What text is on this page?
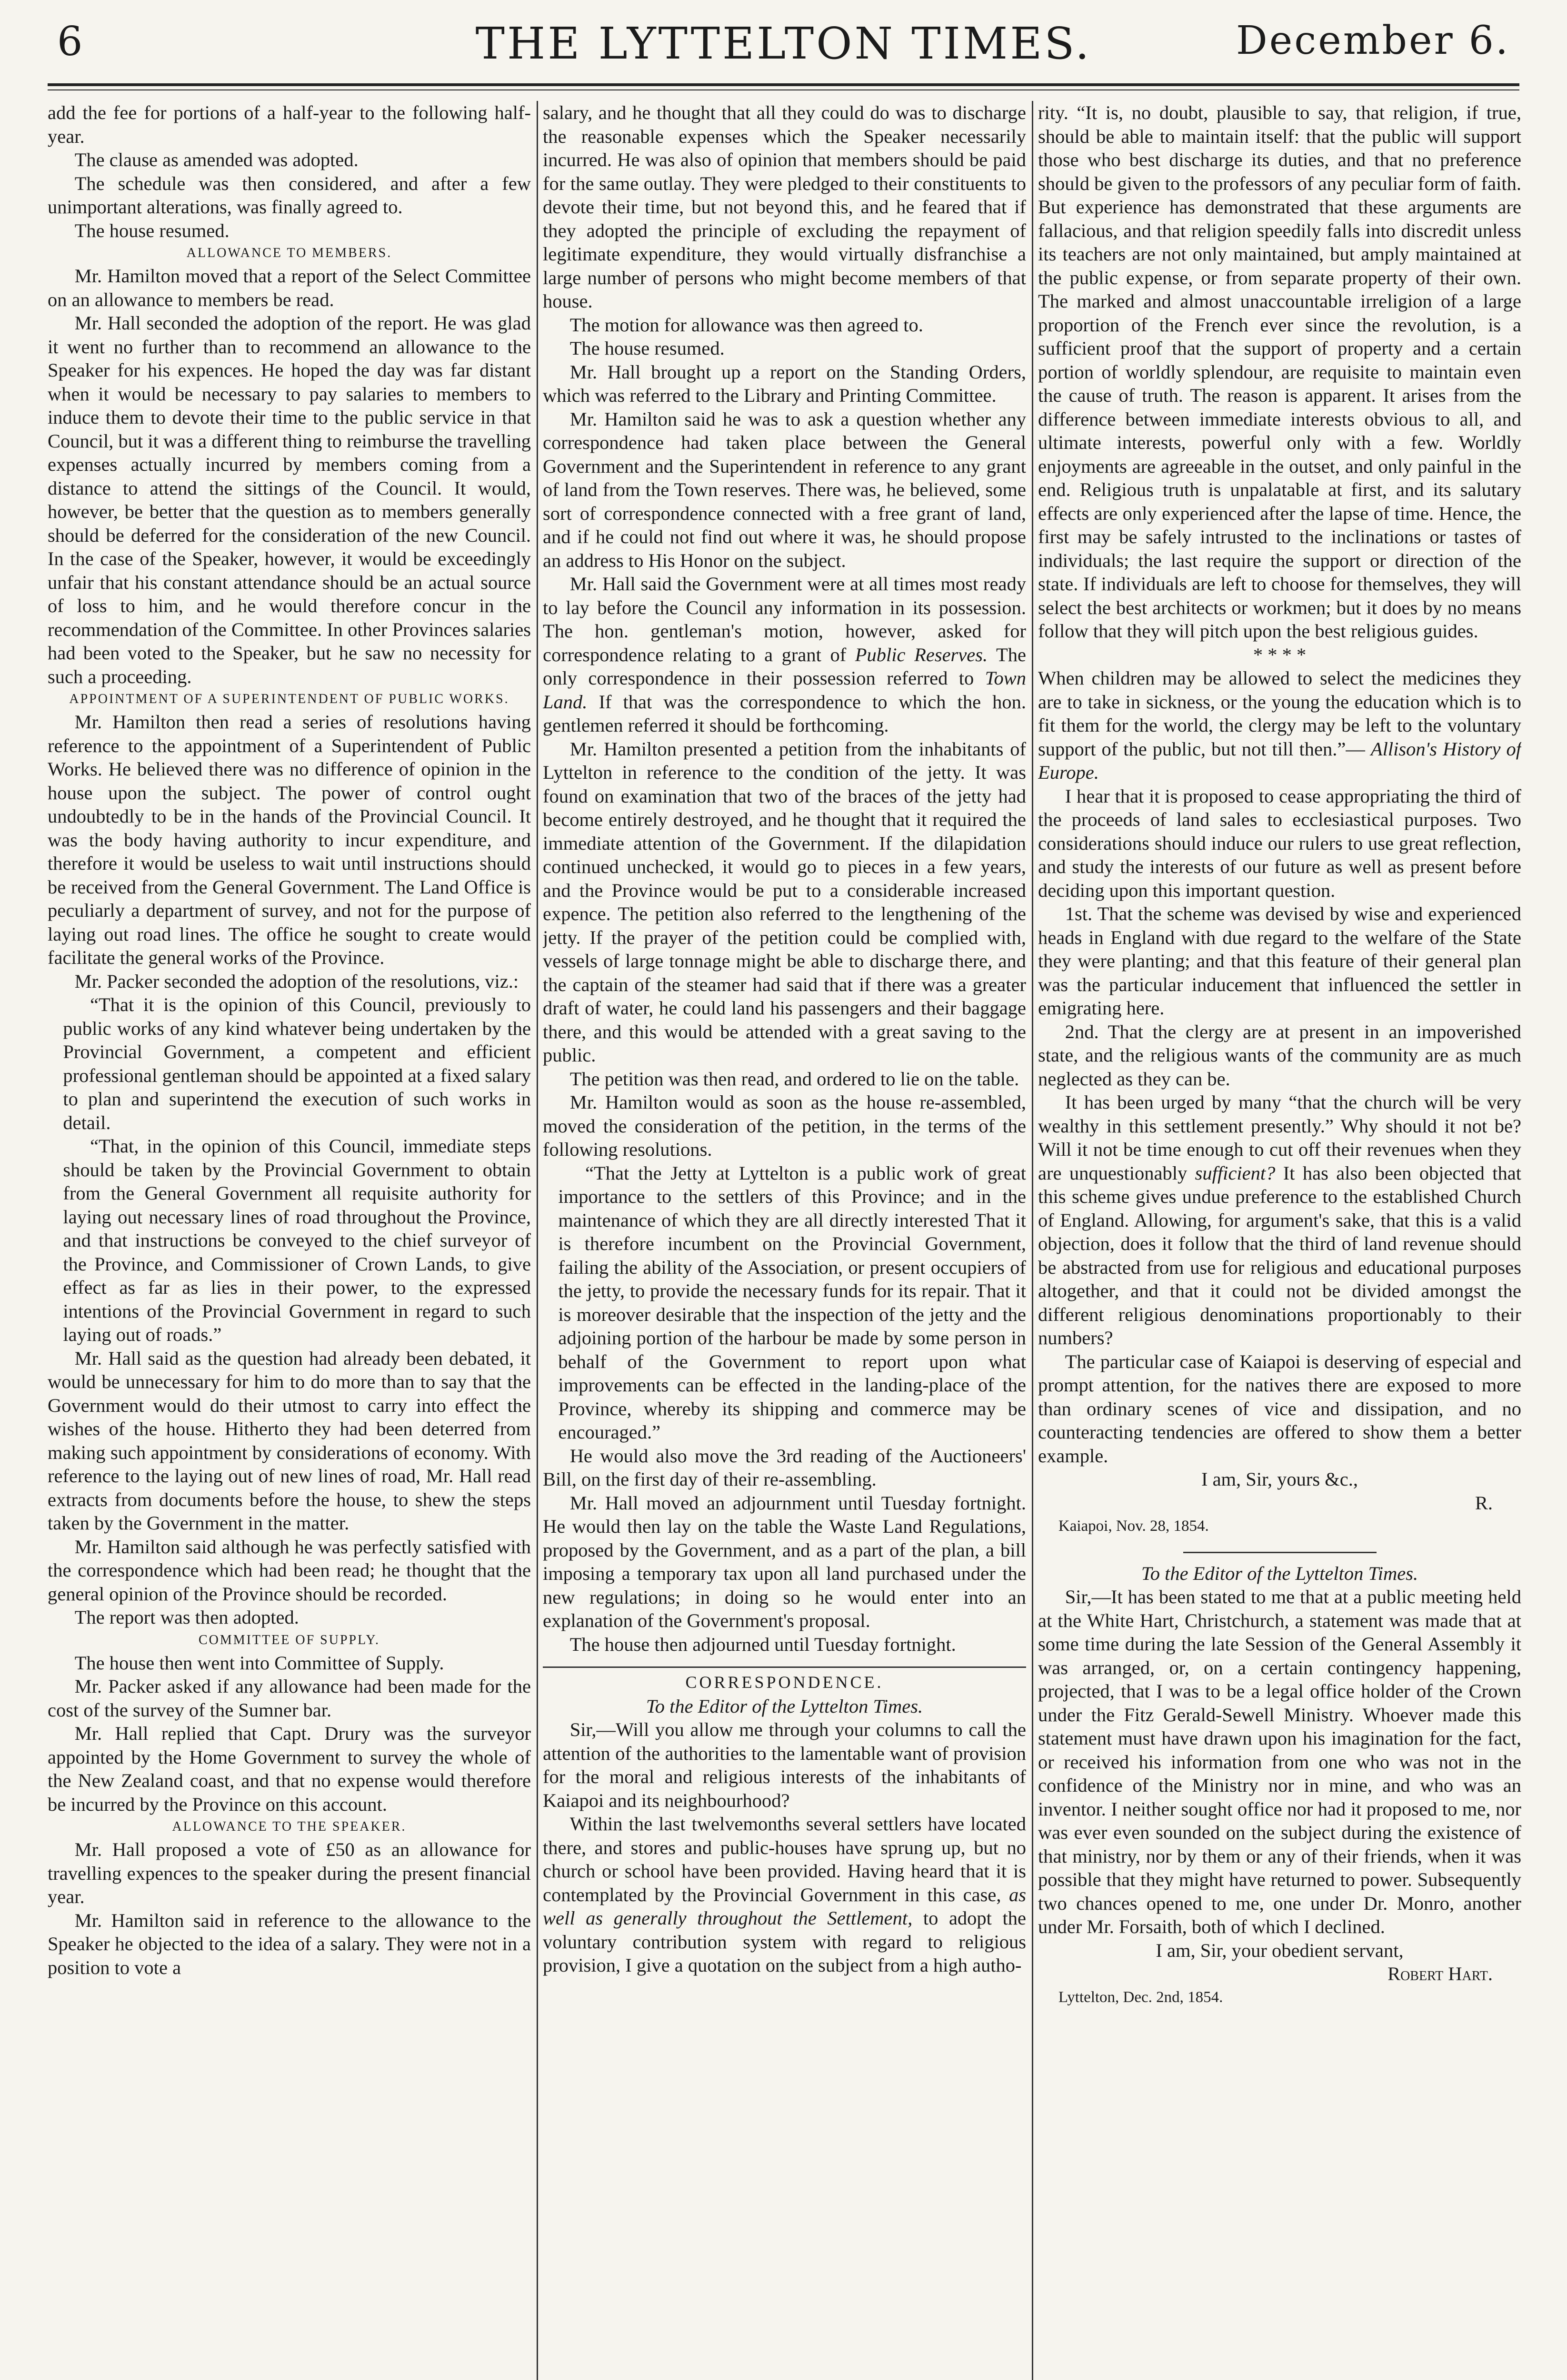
6	THE LYTTELTON TIMES.	December 6.

add the fee for portions of a half-year to the following half-year.

The clause as amended was adopted.

The schedule was then considered, and after a few unimportant alterations, was finally agreed to.

The house resumed.

ALLOWANCE TO MEMBERS.

Mr. Hamilton moved that a report of the Select Committee on an allowance to members be read.

Mr. Hall seconded the adoption of the report. He was glad it went no further than to recommend an allowance to the Speaker for his expences. He hoped the day was far distant when it would be necessary to pay salaries to members to induce them to devote their time to the public service in that Council, but it was a different thing to reimburse the travelling expenses actually incurred by members coming from a distance to attend the sittings of the Council. It would, however, be better that the question as to members generally should be deferred for the consideration of the new Council. In the case of the Speaker, however, it would be exceedingly unfair that his constant attendance should be an actual source of loss to him, and he would therefore concur in the recommendation of the Committee. In other Provinces salaries had been voted to the Speaker, but he saw no necessity for such a proceeding.

APPOINTMENT OF A SUPERINTENDENT OF PUBLIC WORKS.

Mr. Hamilton then read a series of resolutions having reference to the appointment of a Superintendent of Public Works. He believed there was no difference of opinion in the house upon the subject. The power of control ought undoubtedly to be in the hands of the Provincial Council. It was the body having authority to incur expenditure, and therefore it would be useless to wait until instructions should be received from the General Government. The Land Office is peculiarly a department of survey, and not for the purpose of laying out road lines. The office he sought to create would facilitate the general works of the Province.

Mr. Packer seconded the adoption of the resolutions, viz.:

“That it is the opinion of this Council, previously to public works of any kind whatever being undertaken by the Provincial Government, a competent and efficient professional gentleman should be appointed at a fixed salary to plan and superintend the execution of such works in detail.

“That, in the opinion of this Council, immediate steps should be taken by the Provincial Government to obtain from the General Government all requisite authority for laying out necessary lines of road throughout the Province, and that instructions be conveyed to the chief surveyor of the Province, and Commissioner of Crown Lands, to give effect as far as lies in their power, to the expressed intentions of the Provincial Government in regard to such laying out of roads.”

Mr. Hall said as the question had already been debated, it would be unnecessary for him to do more than to say that the Government would do their utmost to carry into effect the wishes of the house. Hitherto they had been deterred from making such appointment by considerations of economy. With reference to the laying out of new lines of road, Mr. Hall read extracts from documents before the house, to shew the steps taken by the Government in the matter.

Mr. Hamilton said although he was perfectly satisfied with the correspondence which had been read; he thought that the general opinion of the Province should be recorded.

The report was then adopted.

COMMITTEE OF SUPPLY.

The house then went into Committee of Supply.

Mr. Packer asked if any allowance had been made for the cost of the survey of the Sumner bar.

Mr. Hall replied that Capt. Drury was the surveyor appointed by the Home Government to survey the whole of the New Zealand coast, and that no expense would therefore be incurred by the Province on this account.

ALLOWANCE TO THE SPEAKER.

Mr. Hall proposed a vote of £50 as an allowance for travelling expences to the speaker during the present financial year.

Mr. Hamilton said in reference to the allowance to the Speaker he objected to the idea of a salary. They were not in a position to vote a

salary, and he thought that all they could do was to discharge the reasonable expenses which the Speaker necessarily incurred. He was also of opinion that members should be paid for the same outlay. They were pledged to their constituents to devote their time, but not beyond this, and he feared that if they adopted the principle of excluding the repayment of legitimate expenditure, they would virtually disfranchise a large number of persons who might become members of that house.

The motion for allowance was then agreed to.

The house resumed.

Mr. Hall brought up a report on the Standing Orders, which was referred to the Library and Printing Committee.

Mr. Hamilton said he was to ask a question whether any correspondence had taken place between the General Government and the Superintendent in reference to any grant of land from the Town reserves. There was, he believed, some sort of correspondence connected with a free grant of land, and if he could not find out where it was, he should propose an address to His Honor on the subject.

Mr. Hall said the Government were at all times most ready to lay before the Council any information in its possession. The hon. gentleman's motion, however, asked for correspondence relating to a grant of Public Reserves. The only correspondence in their possession referred to Town Land. If that was the correspondence to which the hon. gentlemen referred it should be forthcoming.

Mr. Hamilton presented a petition from the inhabitants of Lyttelton in reference to the condition of the jetty. It was found on examination that two of the braces of the jetty had become entirely destroyed, and he thought that it required the immediate attention of the Government. If the dilapidation continued unchecked, it would go to pieces in a few years, and the Province would be put to a considerable increased expence. The petition also referred to the lengthening of the jetty. If the prayer of the petition could be complied with, vessels of large tonnage might be able to discharge there, and the captain of the steamer had said that if there was a greater draft of water, he could land his passengers and their baggage there, and this would be attended with a great saving to the public.

The petition was then read, and ordered to lie on the table.

Mr. Hamilton would as soon as the house re-assembled, moved the consideration of the petition, in the terms of the following resolutions.

“That the Jetty at Lyttelton is a public work of great importance to the settlers of this Province; and in the maintenance of which they are all directly interested That it is therefore incumbent on the Provincial Government, failing the ability of the Association, or present occupiers of the jetty, to provide the necessary funds for its repair. That it is moreover desirable that the inspection of the jetty and the adjoining portion of the harbour be made by some person in behalf of the Government to report upon what improvements can be effected in the landing-place of the Province, whereby its shipping and commerce may be encouraged.”

He would also move the 3rd reading of the Auctioneers' Bill, on the first day of their re-assembling.

Mr. Hall moved an adjournment until Tuesday fortnight. He would then lay on the table the Waste Land Regulations, proposed by the Government, and as a part of the plan, a bill imposing a temporary tax upon all land purchased under the new regulations; in doing so he would enter into an explanation of the Government's proposal.

The house then adjourned until Tuesday fortnight.

CORRESPONDENCE.

To the Editor of the Lyttelton Times.

Sir,—Will you allow me through your columns to call the attention of the authorities to the lamentable want of provision for the moral and religious interests of the inhabitants of Kaiapoi and its neighbourhood?

Within the last twelvemonths several settlers have located there, and stores and public-houses have sprung up, but no church or school have been provided. Having heard that it is contemplated by the Provincial Government in this case, as well as generally throughout the Settlement, to adopt the voluntary contribution system with regard to religious provision, I give a quotation on the subject from a high autho-

rity. “It is, no doubt, plausible to say, that religion, if true, should be able to maintain itself: that the public will support those who best discharge its duties, and that no preference should be given to the professors of any peculiar form of faith. But experience has demonstrated that these arguments are fallacious, and that religion speedily falls into discredit unless its teachers are not only maintained, but amply maintained at the public expense, or from separate property of their own. The marked and almost unaccountable irreligion of a large proportion of the French ever since the revolution, is a sufficient proof that the support of property and a certain portion of worldly splendour, are requisite to maintain even the cause of truth. The reason is apparent. It arises from the difference between immediate interests obvious to all, and ultimate interests, powerful only with a few. Worldly enjoyments are agreeable in the outset, and only painful in the end. Religious truth is unpalatable at first, and its salutary effects are only experienced after the lapse of time. Hence, the first may be safely intrusted to the inclinations or tastes of individuals; the last require the support or direction of the state. If individuals are left to choose for themselves, they will select the best architects or workmen; but it does by no means follow that they will pitch upon the best religious guides.

* * * *

When children may be allowed to select the medicines they are to take in sickness, or the young the education which is to fit them for the world, the clergy may be left to the voluntary support of the public, but not till then.”— Allison's History of Europe.

I hear that it is proposed to cease appropriating the third of the proceeds of land sales to ecclesiastical purposes. Two considerations should induce our rulers to use great reflection, and study the interests of our future as well as present before deciding upon this important question.

1st. That the scheme was devised by wise and experienced heads in England with due regard to the welfare of the State they were planting; and that this feature of their general plan was the particular inducement that influenced the settler in emigrating here.

2nd. That the clergy are at present in an impoverished state, and the religious wants of the community are as much neglected as they can be.

It has been urged by many “that the church will be very wealthy in this settlement presently.” Why should it not be? Will it not be time enough to cut off their revenues when they are unquestionably sufficient? It has also been objected that this scheme gives undue preference to the established Church of England. Allowing, for argument's sake, that this is a valid objection, does it follow that the third of land revenue should be abstracted from use for religious and educational purposes altogether, and that it could not be divided amongst the different religious denominations proportionably to their numbers?

The particular case of Kaiapoi is deserving of especial and prompt attention, for the natives there are exposed to more than ordinary scenes of vice and dissipation, and no counteracting tendencies are offered to show them a better example.

I am, Sir, yours &c.,

R.

Kaiapoi, Nov. 28, 1854.

To the Editor of the Lyttelton Times.

Sir,—It has been stated to me that at a public meeting held at the White Hart, Christchurch, a statement was made that at some time during the late Session of the General Assembly it was arranged, or, on a certain contingency happening, projected, that I was to be a legal office holder of the Crown under the Fitz Gerald-Sewell Ministry. Whoever made this statement must have drawn upon his imagination for the fact, or received his information from one who was not in the confidence of the Ministry nor in mine, and who was an inventor. I neither sought office nor had it proposed to me, nor was ever even sounded on the subject during the existence of that ministry, nor by them or any of their friends, when it was possible that they might have returned to power. Subsequently two chances opened to me, one under Dr. Monro, another under Mr. Forsaith, both of which I declined.

I am, Sir, your obedient servant,

Robert Hart.

Lyttelton, Dec. 2nd, 1854.
